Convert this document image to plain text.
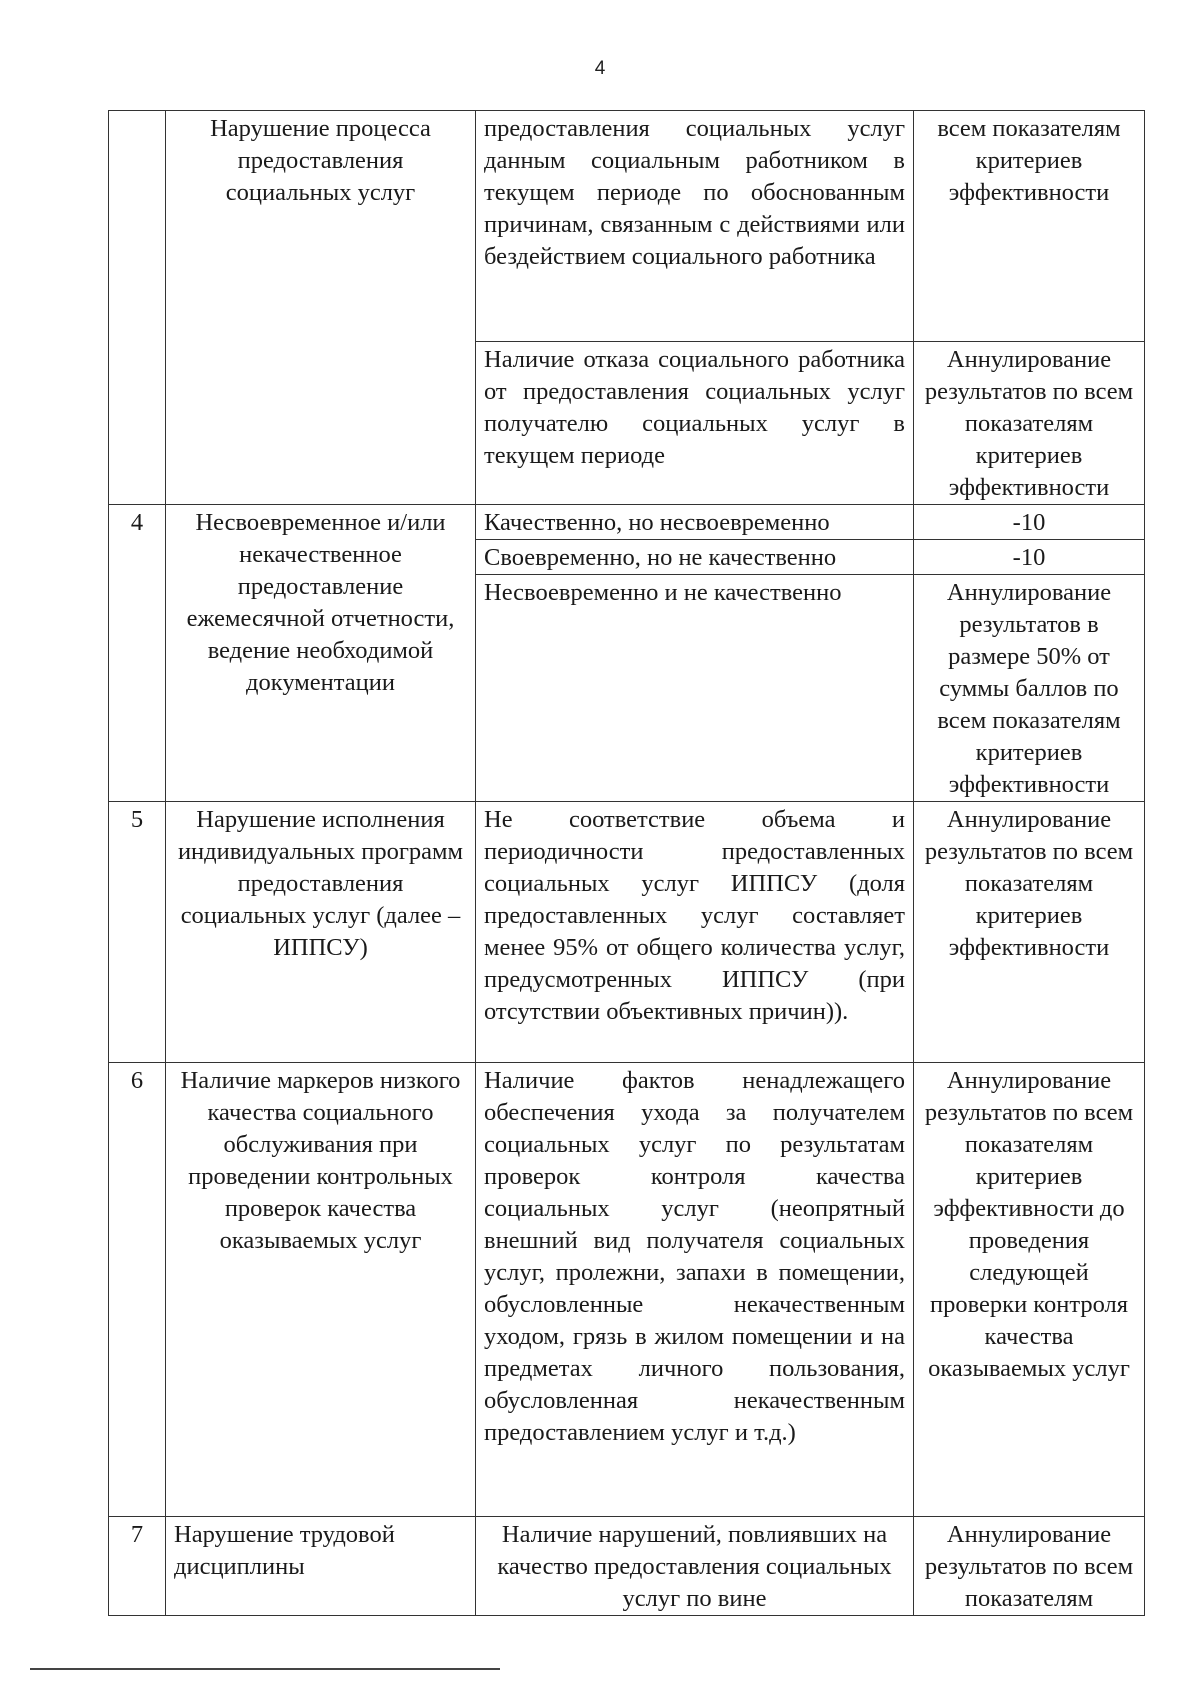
4
	Нарушение процесса предоставления социальных услуг	предоставления социальных услуг данным социальным работником в текущем периоде по обоснованным причинам, связанным с действиями или бездействием социального работника	всем показателям критериев эффективности
		Наличие отказа социального работника от предоставления социальных услуг получателю социальных услуг в текущем периоде	Аннулирование результатов по всем показателям критериев эффективности
4	Несвоевременное и/или некачественное предоставление ежемесячной отчетности, ведение необходимой документации	Качественно, но несвоевременно	-10
		Своевременно, но не качественно	-10
		Несвоевременно и не качественно	Аннулирование результатов в размере 50% от суммы баллов по всем показателям критериев эффективности
5	Нарушение исполнения индивидуальных программ предоставления социальных услуг (далее – ИППСУ)	Не соответствие объема и периодичности предоставленных социальных услуг ИППСУ (доля предоставленных услуг составляет менее 95% от общего количества услуг, предусмотренных ИППСУ (при отсутствии объективных причин)).	Аннулирование результатов по всем показателям критериев эффективности
6	Наличие маркеров низкого качества социального обслуживания при проведении контрольных проверок качества оказываемых услуг	Наличие фактов ненадлежащего обеспечения ухода за получателем социальных услуг по результатам проверок контроля качества социальных услуг (неопрятный внешний вид получателя социальных услуг, пролежни, запахи в помещении, обусловленные некачественным уходом, грязь в жилом помещении и на предметах личного пользования, обусловленная некачественным предоставлением услуг и т.д.)	Аннулирование результатов по всем показателям критериев эффективности до проведения следующей проверки контроля качества оказываемых услуг
7	Нарушение трудовой дисциплины	Наличие нарушений, повлиявших на качество предоставления социальных услуг по вине	Аннулирование результатов по всем показателям
